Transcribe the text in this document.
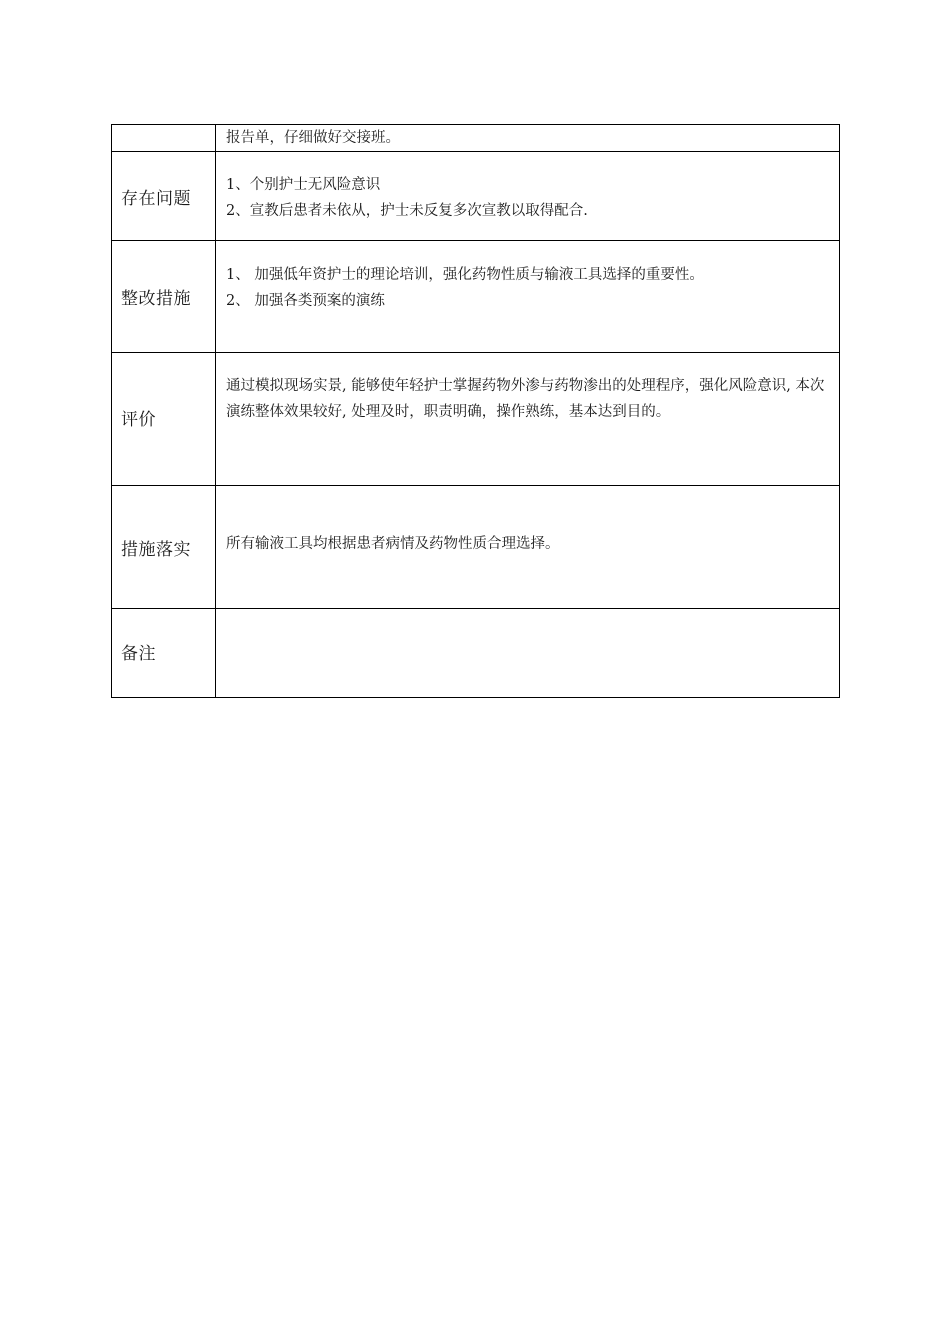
	报告单，仔细做好交接班。

存在问题	1、个别护士无风险意识
2、宣教后患者未依从，护士未反复多次宣教以取得配合.

整改措施	1、 加强低年资护士的理论培训，强化药物性质与输液工具选择的重要性。
2、 加强各类预案的演练

评价	通过模拟现场实景, 能够使年轻护士掌握药物外渗与药物渗出的处理程序，强化风险意识, 本次演练整体效果较好, 处理及时，职责明确，操作熟练，基本达到目的。

措施落实	所有输液工具均根据患者病情及药物性质合理选择。

备注	
